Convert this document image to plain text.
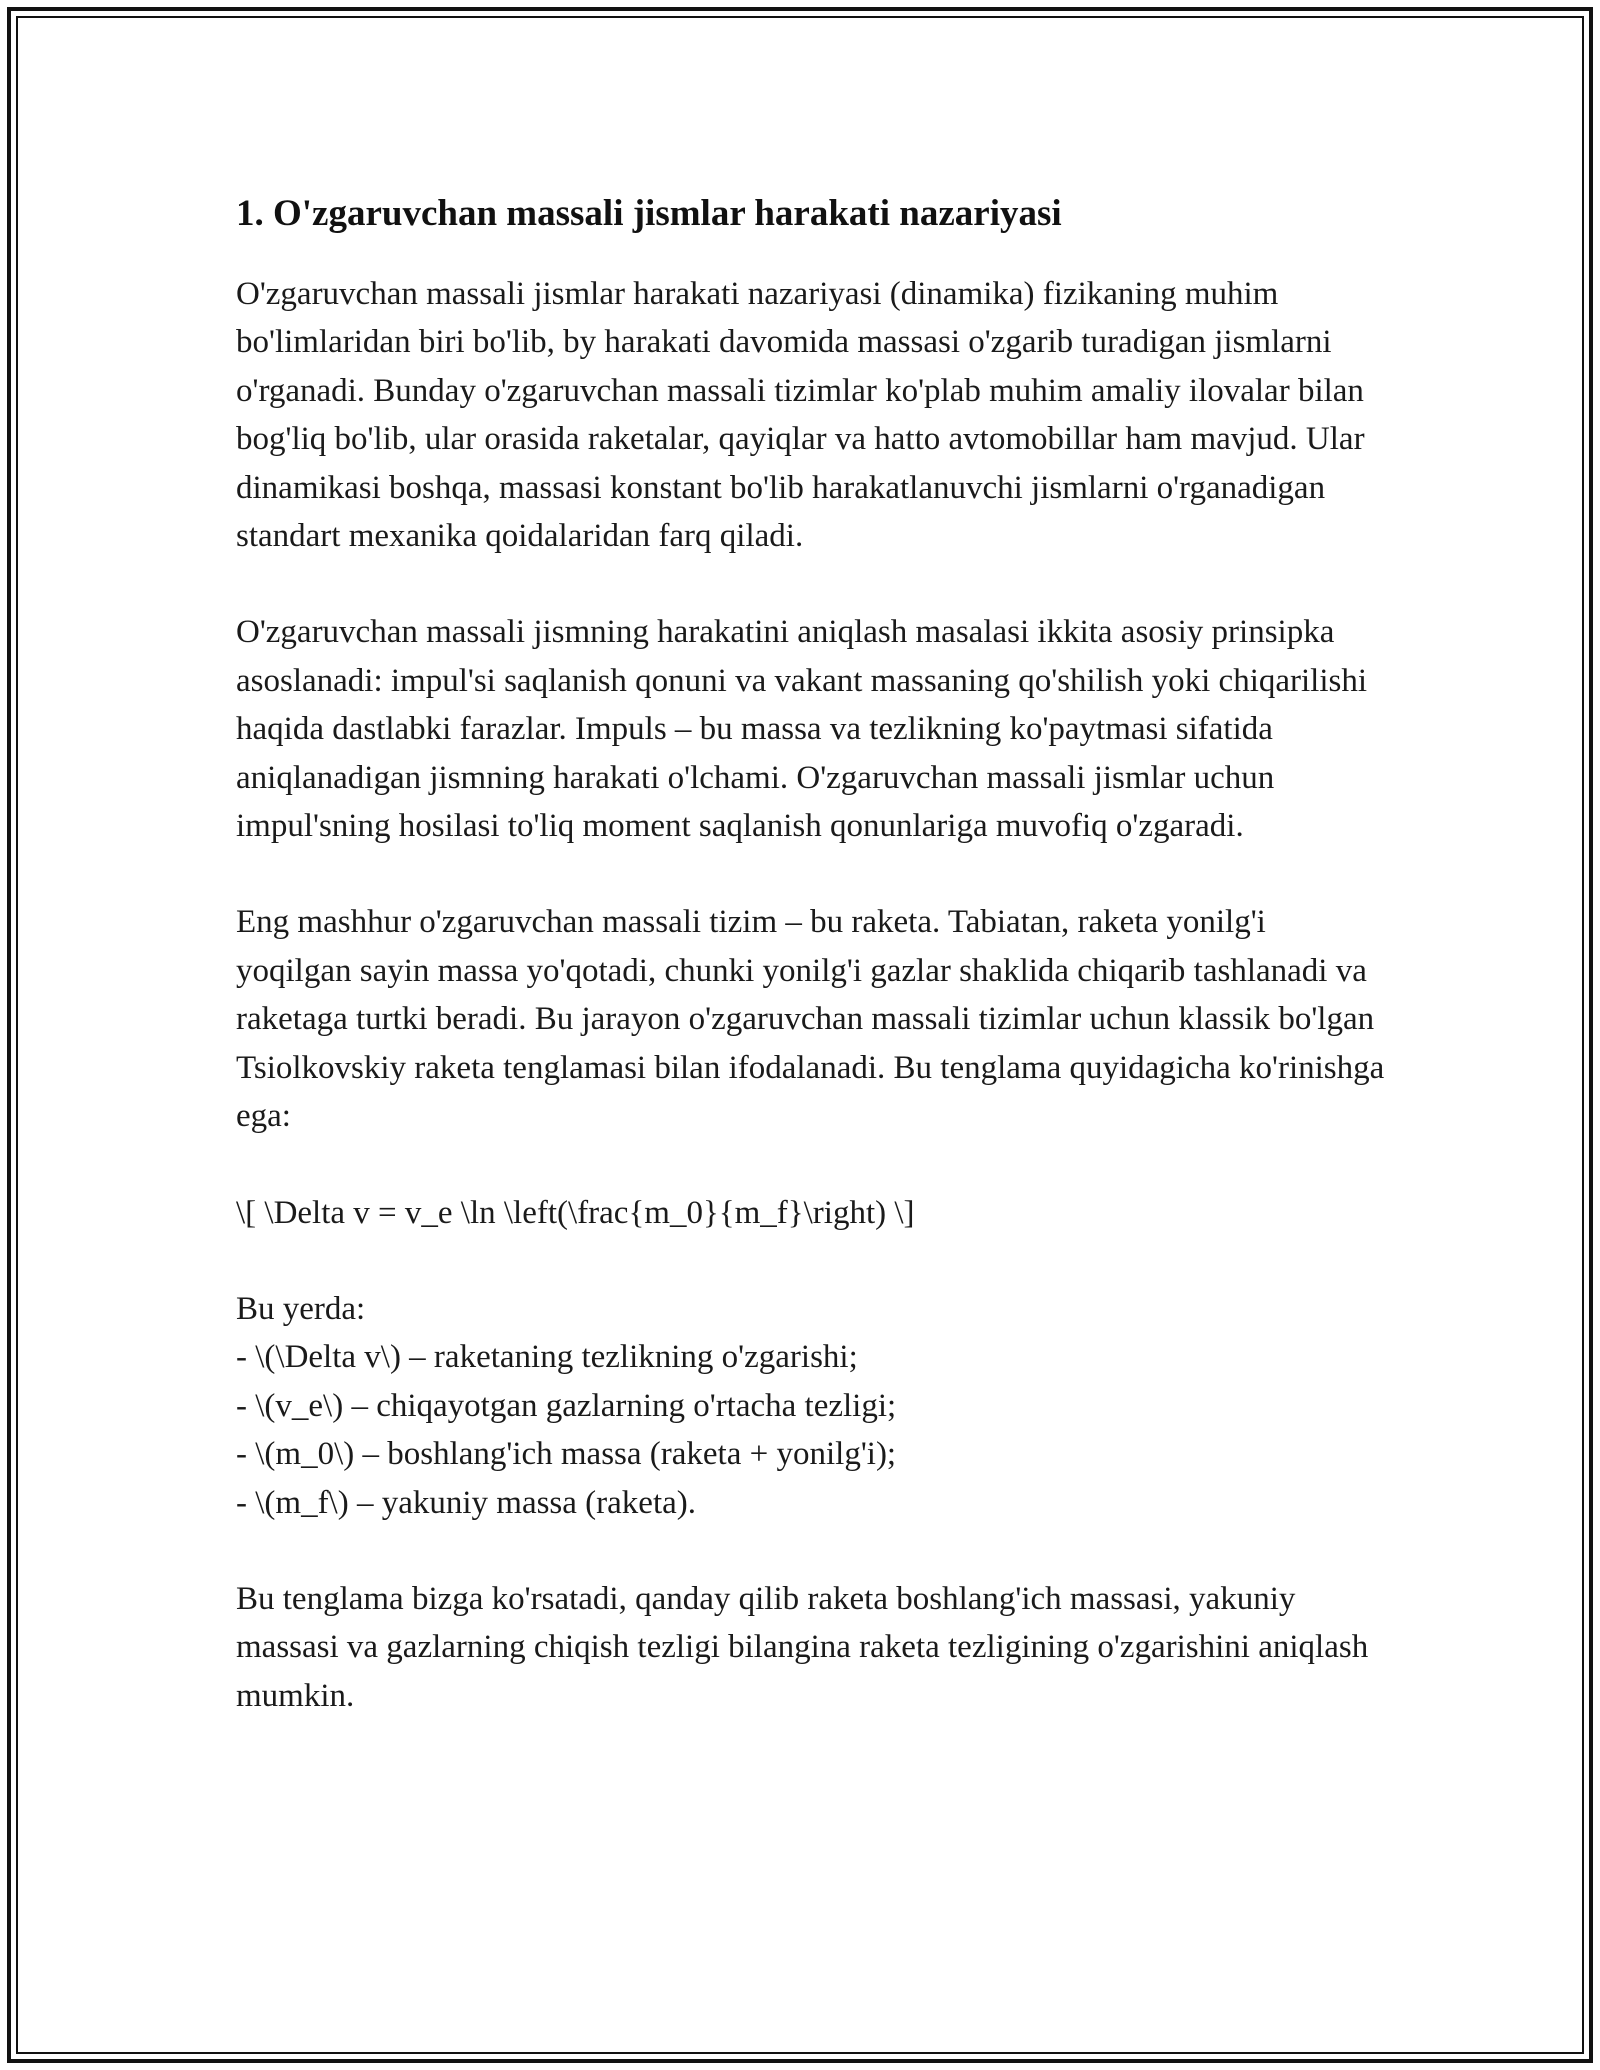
1. O'zgaruvchan massali jismlar harakati nazariyasi

O'zgaruvchan massali jismlar harakati nazariyasi (dinamika) fizikaning muhim bo'limlaridan biri bo'lib, by harakati davomida massasi o'zgarib turadigan jismlarni o'rganadi. Bunday o'zgaruvchan massali tizimlar ko'plab muhim amaliy ilovalar bilan bog'liq bo'lib, ular orasida raketalar, qayiqlar va hatto avtomobillar ham mavjud. Ular dinamikasi boshqa, massasi konstant bo'lib harakatlanuvchi jismlarni o'rganadigan standart mexanika qoidalaridan farq qiladi.

O'zgaruvchan massali jismning harakatini aniqlash masalasi ikkita asosiy prinsipka asoslanadi: impul'si saqlanish qonuni va vakant massaning qo'shilish yoki chiqarilishi haqida dastlabki farazlar. Impuls – bu massa va tezlikning ko'paytmasi sifatida aniqlanadigan jismning harakati o'lchami. O'zgaruvchan massali jismlar uchun impul'sning hosilasi to'liq moment saqlanish qonunlariga muvofiq o'zgaradi.

Eng mashhur o'zgaruvchan massali tizim – bu raketa. Tabiatan, raketa yonilg'i yoqilgan sayin massa yo'qotadi, chunki yonilg'i gazlar shaklida chiqarib tashlanadi va raketaga turtki beradi. Bu jarayon o'zgaruvchan massali tizimlar uchun klassik bo'lgan Tsiolkovskiy raketa tenglamasi bilan ifodalanadi. Bu tenglama quyidagicha ko'rinishga ega:

\[ \Delta v = v_e \ln \left(\frac{m_0}{m_f}\right) \]

Bu yerda:
- \(\Delta v\) – raketaning tezlikning o'zgarishi;
- \(v_e\) – chiqayotgan gazlarning o'rtacha tezligi;
- \(m_0\) – boshlang'ich massa (raketa + yonilg'i);
- \(m_f\) – yakuniy massa (raketa).

Bu tenglama bizga ko'rsatadi, qanday qilib raketa boshlang'ich massasi, yakuniy massasi va gazlarning chiqish tezligi bilangina raketa tezligining o'zgarishini aniqlash mumkin.
